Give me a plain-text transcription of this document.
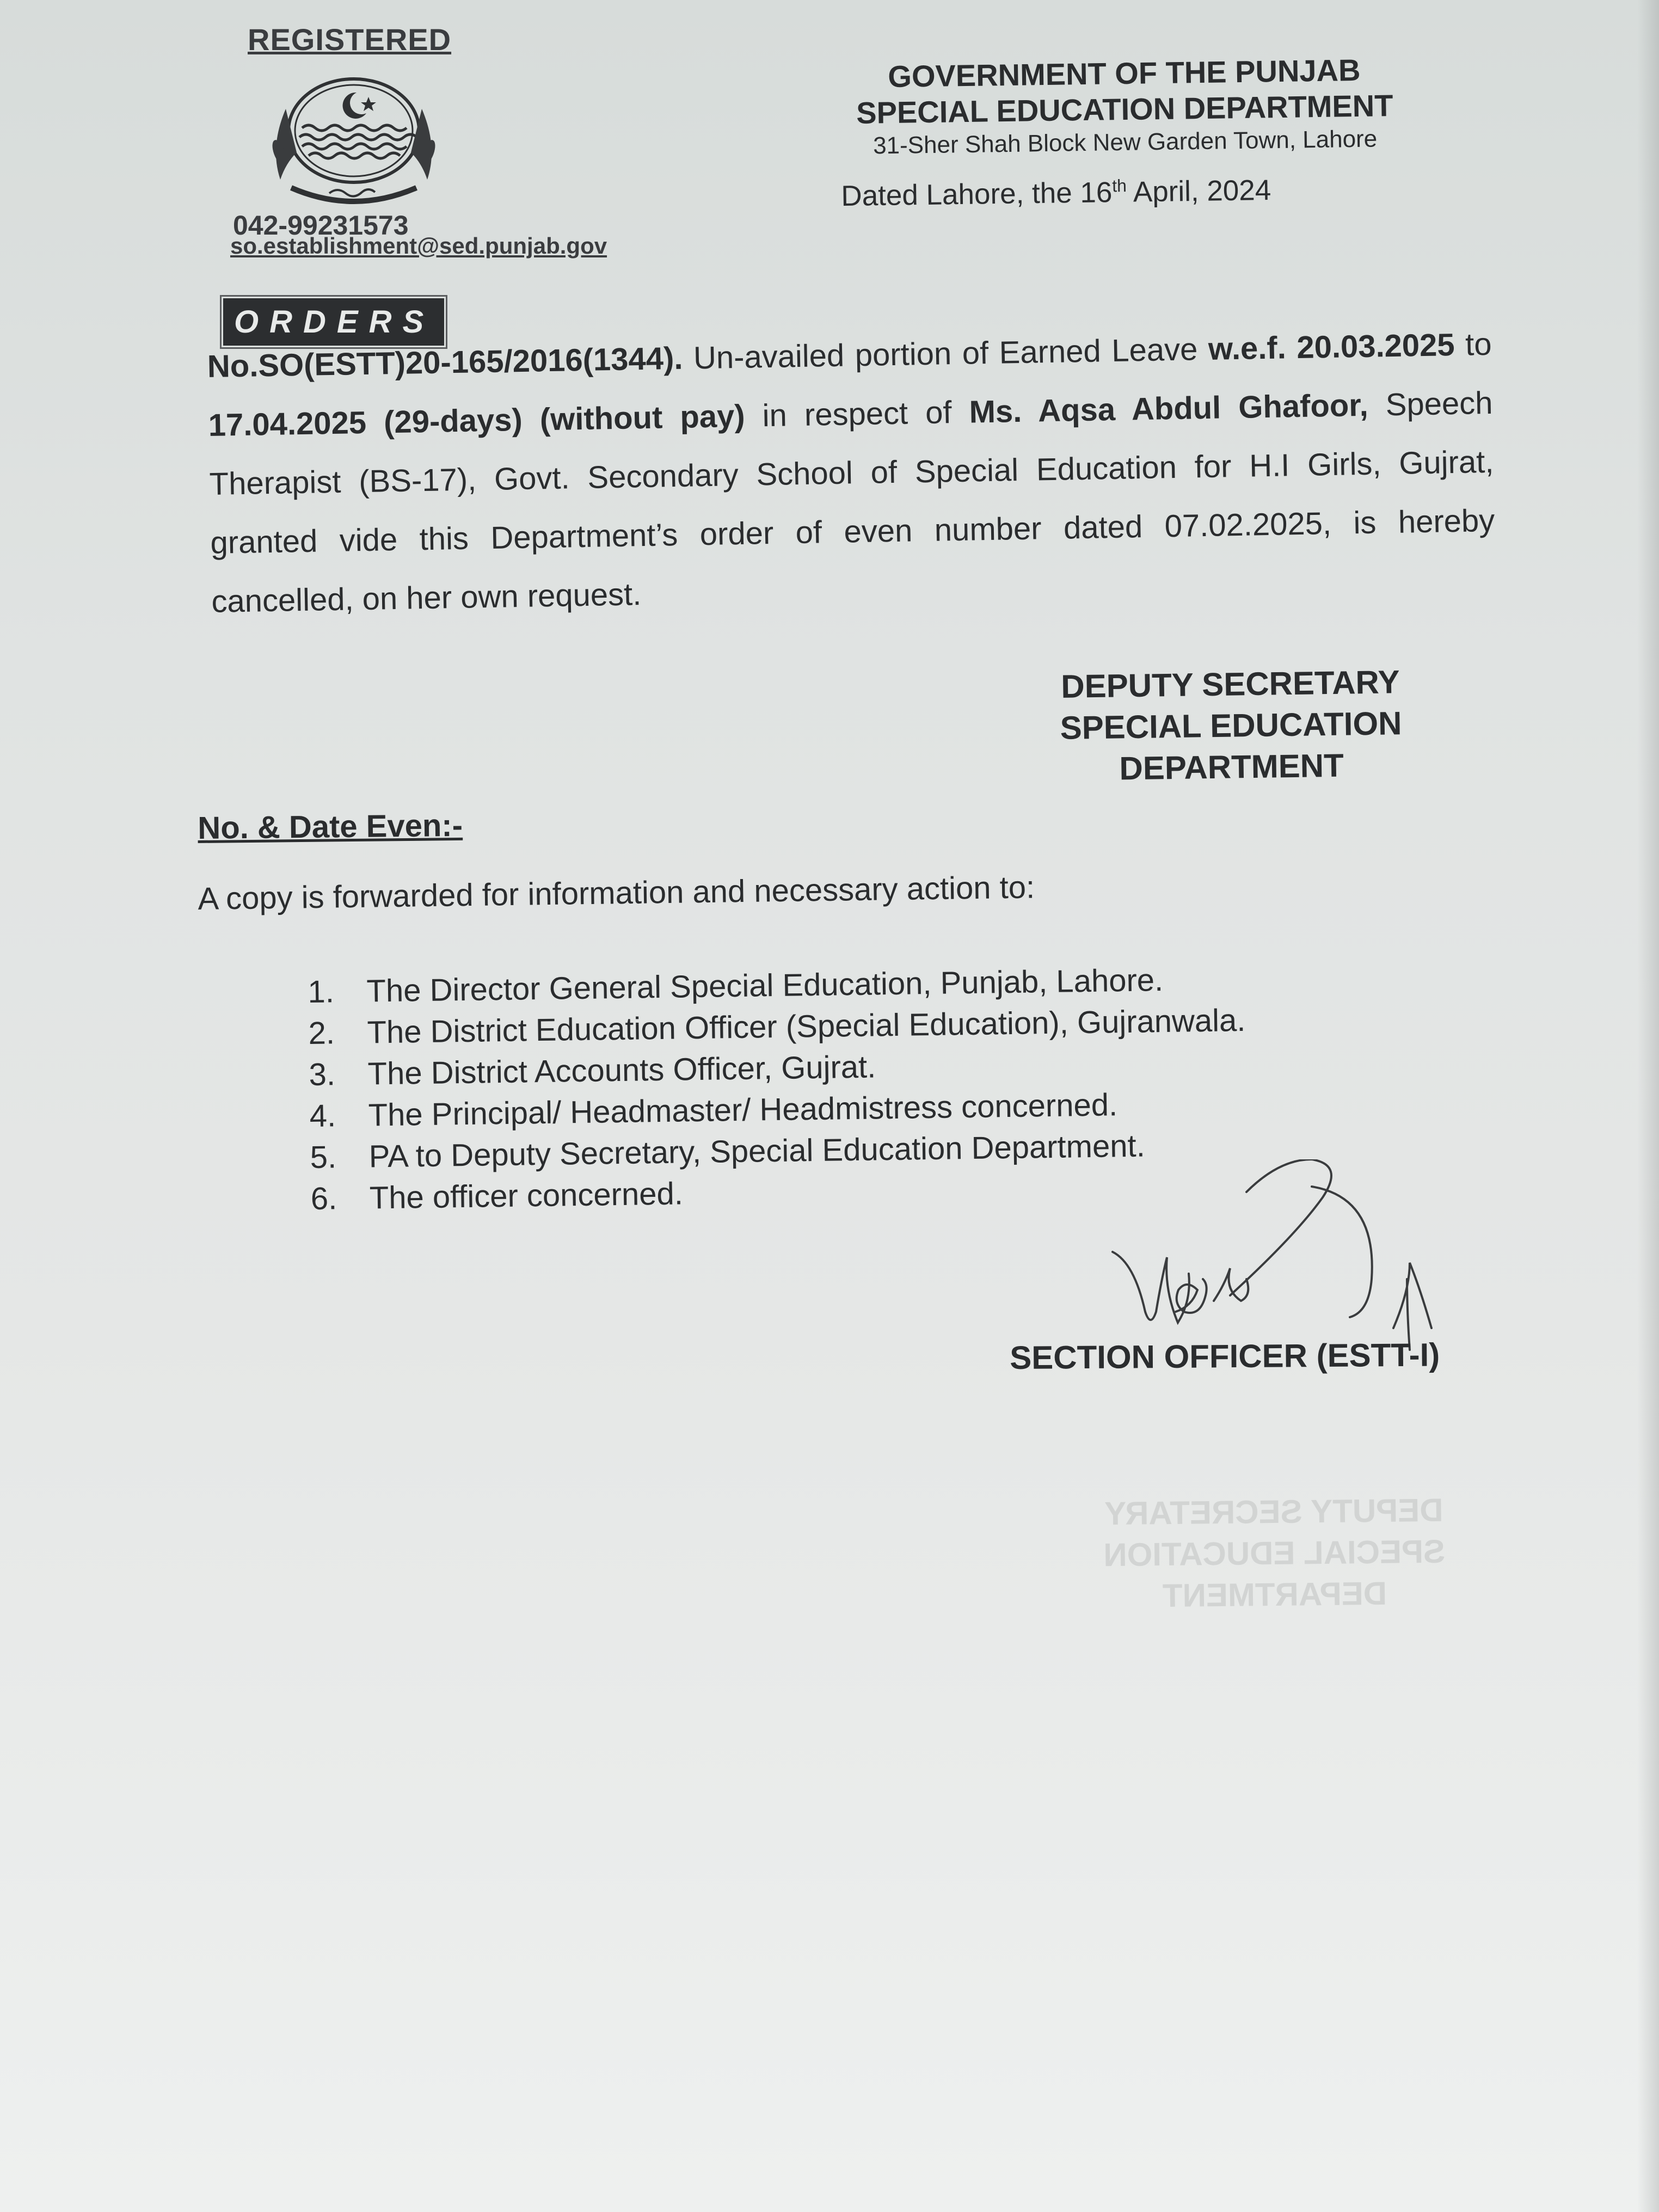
REGISTERED
042-99231573
so.establishment@sed.punjab.gov
GOVERNMENT OF THE PUNJAB
SPECIAL EDUCATION DEPARTMENT
31-Sher Shah Block New Garden Town, Lahore
Dated Lahore, the 16th April, 2024
ORDERS
No.SO(ESTT)20-165/2016(1344). Un-availed portion of Earned Leave w.e.f. 20.03.2025 to 17.04.2025 (29-days) (without pay) in respect of Ms. Aqsa Abdul Ghafoor, Speech Therapist (BS-17), Govt. Secondary School of Special Education for H.I Girls, Gujrat, granted vide this Department’s order of even number dated 07.02.2025, is hereby cancelled, on her own request.
DEPUTY SECRETARY
SPECIAL EDUCATION
DEPARTMENT
No. & Date Even:-
A copy is forwarded for information and necessary action to:
1. The Director General Special Education, Punjab, Lahore.
2. The District Education Officer (Special Education), Gujranwala.
3. The District Accounts Officer, Gujrat.
4. The Principal/ Headmaster/ Headmistress concerned.
5. PA to Deputy Secretary, Special Education Department.
6. The officer concerned.
SECTION OFFICER (ESTT-I)
DEPUTY SECRETARY
SPECIAL EDUCATION
DEPARTMENT
